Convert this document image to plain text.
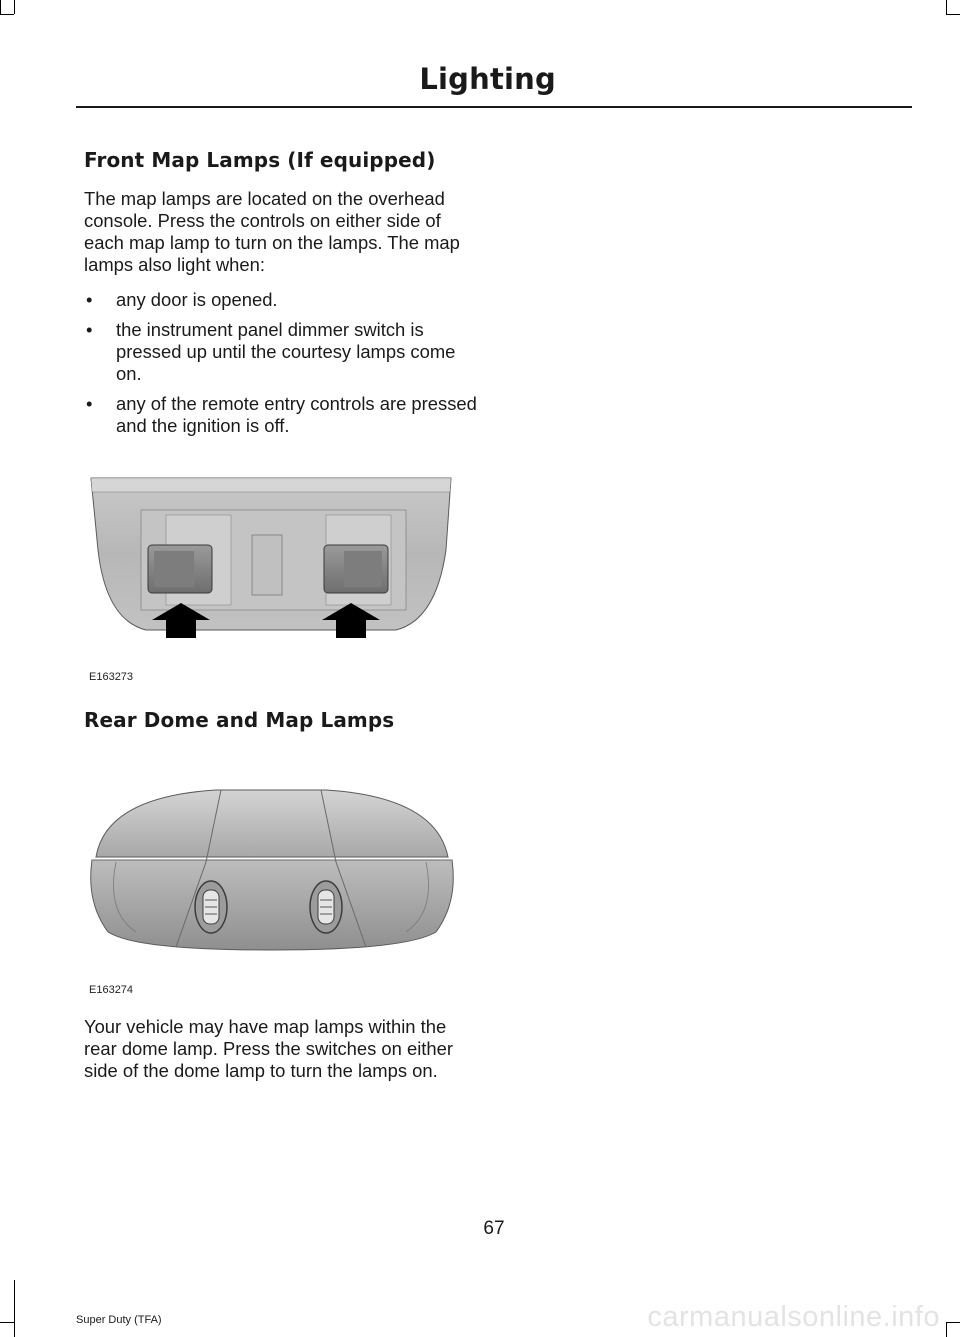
Lighting
Front Map Lamps (If equipped)

The map lamps are located on the overhead console. Press the controls on either side of each map lamp to turn on the lamps. The map lamps also light when:

• any door is opened.
• the instrument panel dimmer switch is pressed up until the courtesy lamps come on.
• any of the remote entry controls are pressed and the ignition is off.
E163273
Rear Dome and Map Lamps
E163274

Your vehicle may have map lamps within the rear dome lamp. Press the switches on either side of the dome lamp to turn the lamps on.

67
Super Duty (TFA)	carmanualsonline.info
